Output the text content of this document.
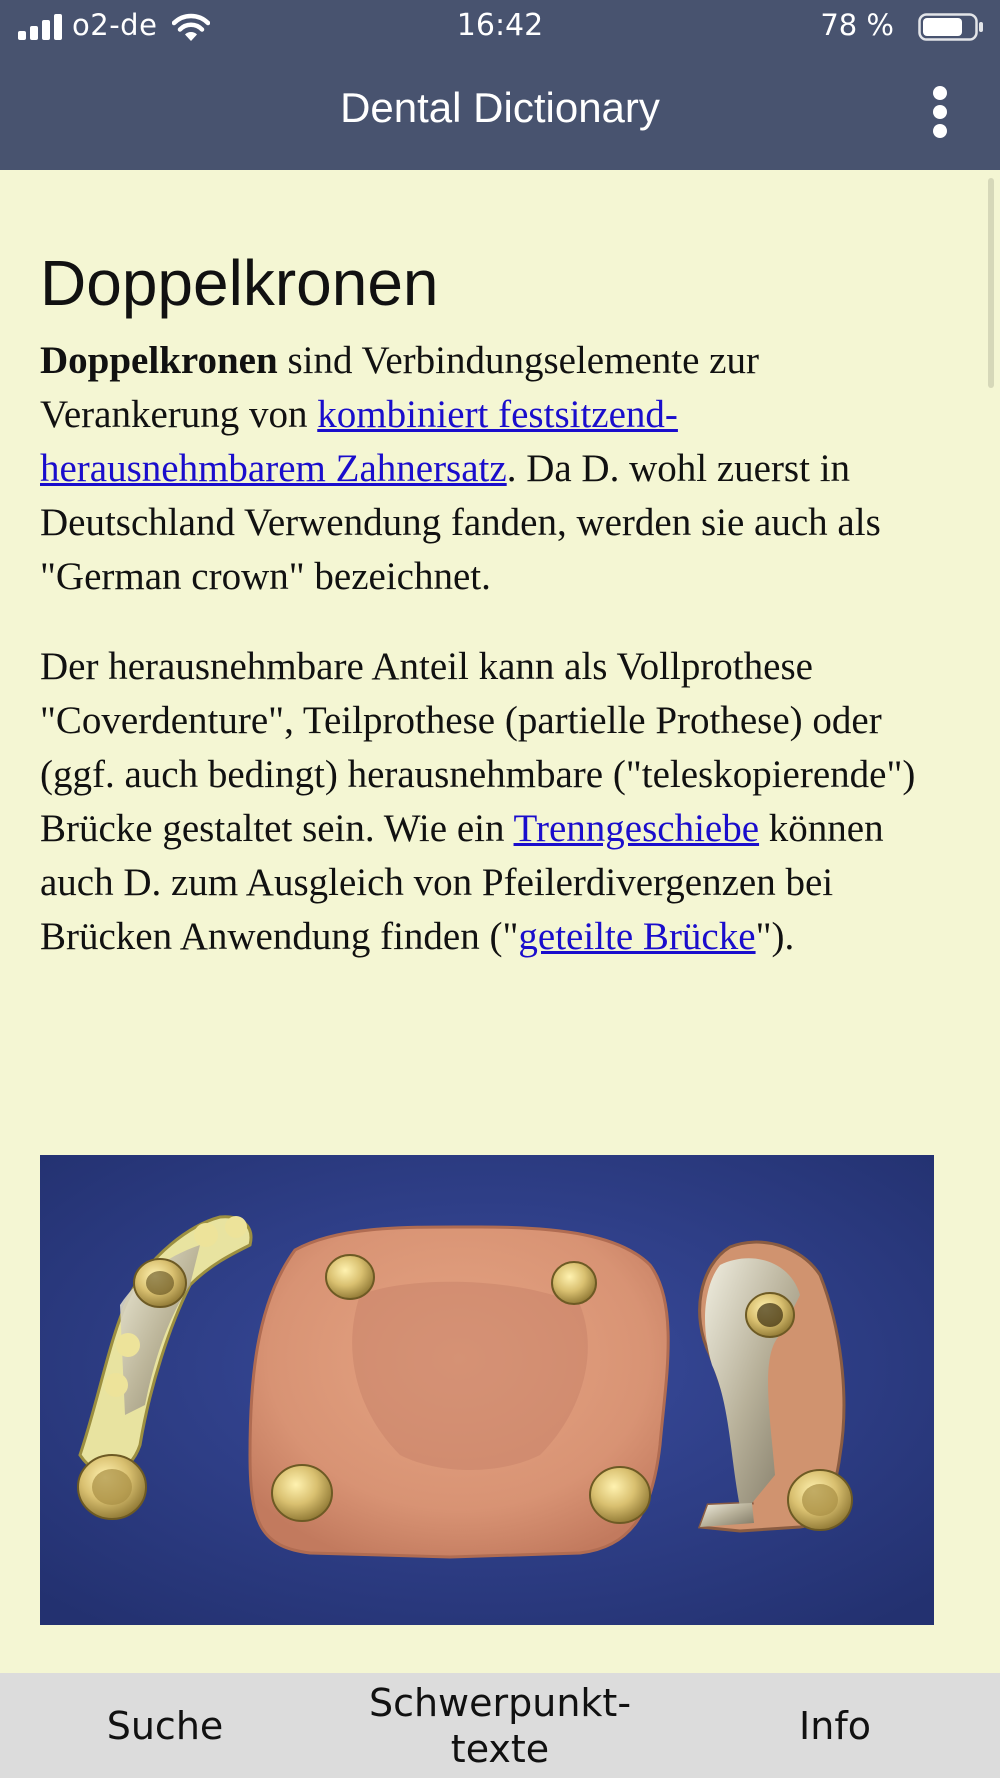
o2-de	16:42	78 %
Dental Dictionary
Doppelkronen

Doppelkronen sind Verbindungselemente zur Verankerung von kombiniert festsitzend-herausnehmbarem Zahnersatz. Da D. wohl zuerst in Deutschland Verwendung fanden, werden sie auch als "German crown" bezeichnet.

Der herausnehmbare Anteil kann als Vollprothese "Coverdenture", Teilprothese (partielle Prothese) oder (ggf. auch bedingt) herausnehmbare ("teleskopierende") Brücke gestaltet sein. Wie ein Trenngeschiebe können auch D. zum Ausgleich von Pfeilerdivergenzen bei Brücken Anwendung finden ("geteilte Brücke").

Suche
Schwerpunkt-
texte
Info
